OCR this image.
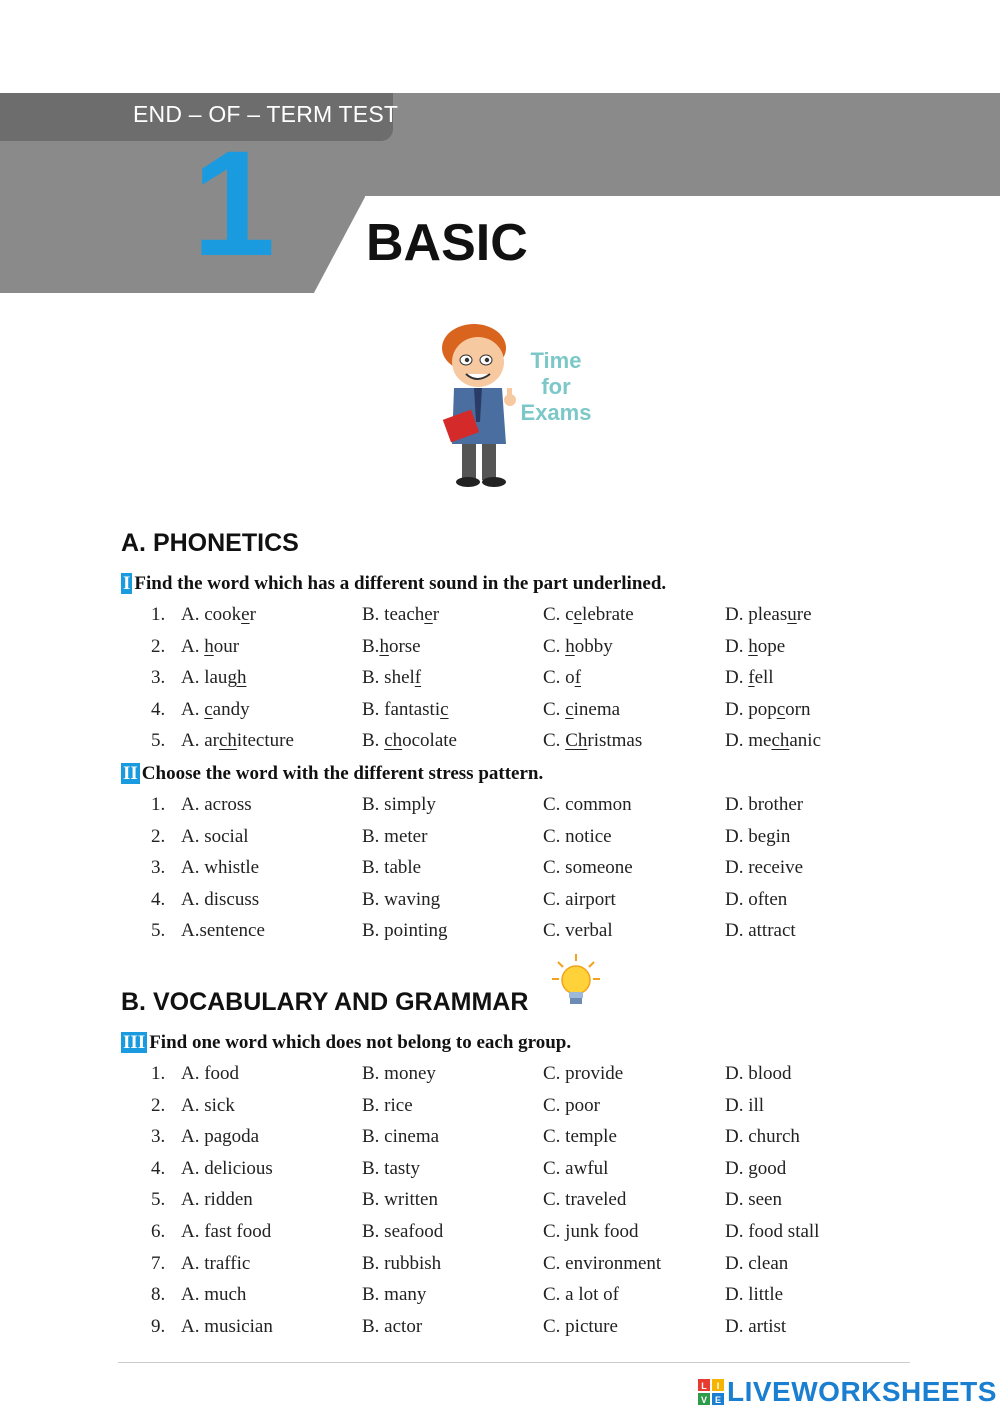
END – OF – TERM TEST
1 BASIC
Time
for
Exams
A. PHONETICS
I Find the word which has a different sound in the part underlined.
1. A. cooker	B. teacher	C. celebrate	D. pleasure
2. A. hour	B.horse	C. hobby	D. hope
3. A. laugh	B. shelf	C. of	D. fell
4. A. candy	B. fantastic	C. cinema	D. popcorn
5. A. architecture	B. chocolate	C. Christmas	D. mechanic
II Choose the word with the different stress pattern.
1. A. across	B. simply	C. common	D. brother
2. A. social	B. meter	C. notice	D. begin
3. A. whistle	B. table	C. someone	D. receive
4. A. discuss	B. waving	C. airport	D. often
5. A.sentence	B. pointing	C. verbal	D. attract
B. VOCABULARY AND GRAMMAR
III Find one word which does not belong to each group.
1. A. food	B. money	C. provide	D. blood
2. A. sick	B. rice	C. poor	D. ill
3. A. pagoda	B. cinema	C. temple	D. church
4. A. delicious	B. tasty	C. awful	D. good
5. A. ridden	B. written	C. traveled	D. seen
6. A. fast food	B. seafood	C. junk food	D. food stall
7. A. traffic	B. rubbish	C. environment	D. clean
8. A. much	B. many	C. a lot of	D. little
9. A. musician	B. actor	C. picture	D. artist
L I
V E LIVEWORKSHEETS
